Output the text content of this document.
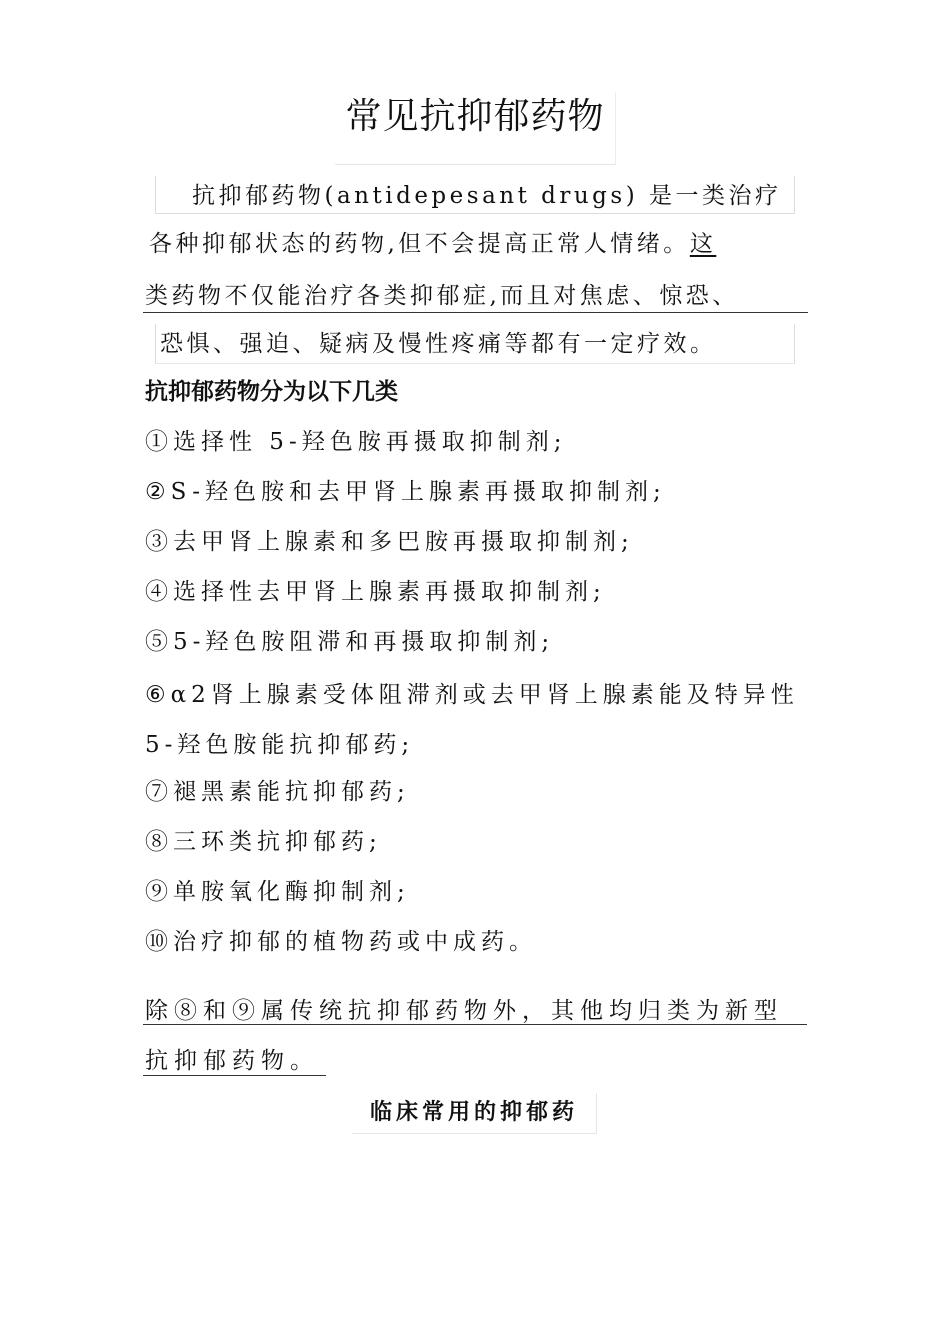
常见抗抑郁药物
抗抑郁药物(antidepesant drugs) 是一类治疗
各种抑郁状态的药物,但不会提高正常人情绪。这
类药物不仅能治疗各类抑郁症,而且对焦虑、惊恐、
恐惧、强迫、疑病及慢性疼痛等都有一定疗效。
抗抑郁药物分为以下几类
①选择性 5-羟色胺再摄取抑制剂;
②S-羟色胺和去甲肾上腺素再摄取抑制剂;
③去甲肾上腺素和多巴胺再摄取抑制剂;
④选择性去甲肾上腺素再摄取抑制剂;
⑤5-羟色胺阻滞和再摄取抑制剂;
⑥α2肾上腺素受体阻滞剂或去甲肾上腺素能及特异性 5-羟色胺能抗抑郁药;
⑦褪黑素能抗抑郁药;
⑧三环类抗抑郁药;
⑨单胺氧化酶抑制剂;
⑩治疗抑郁的植物药或中成药。
除⑧和⑨属传统抗抑郁药物外，其他均归类为新型抗抑郁药物。
临床常用的抑郁药
